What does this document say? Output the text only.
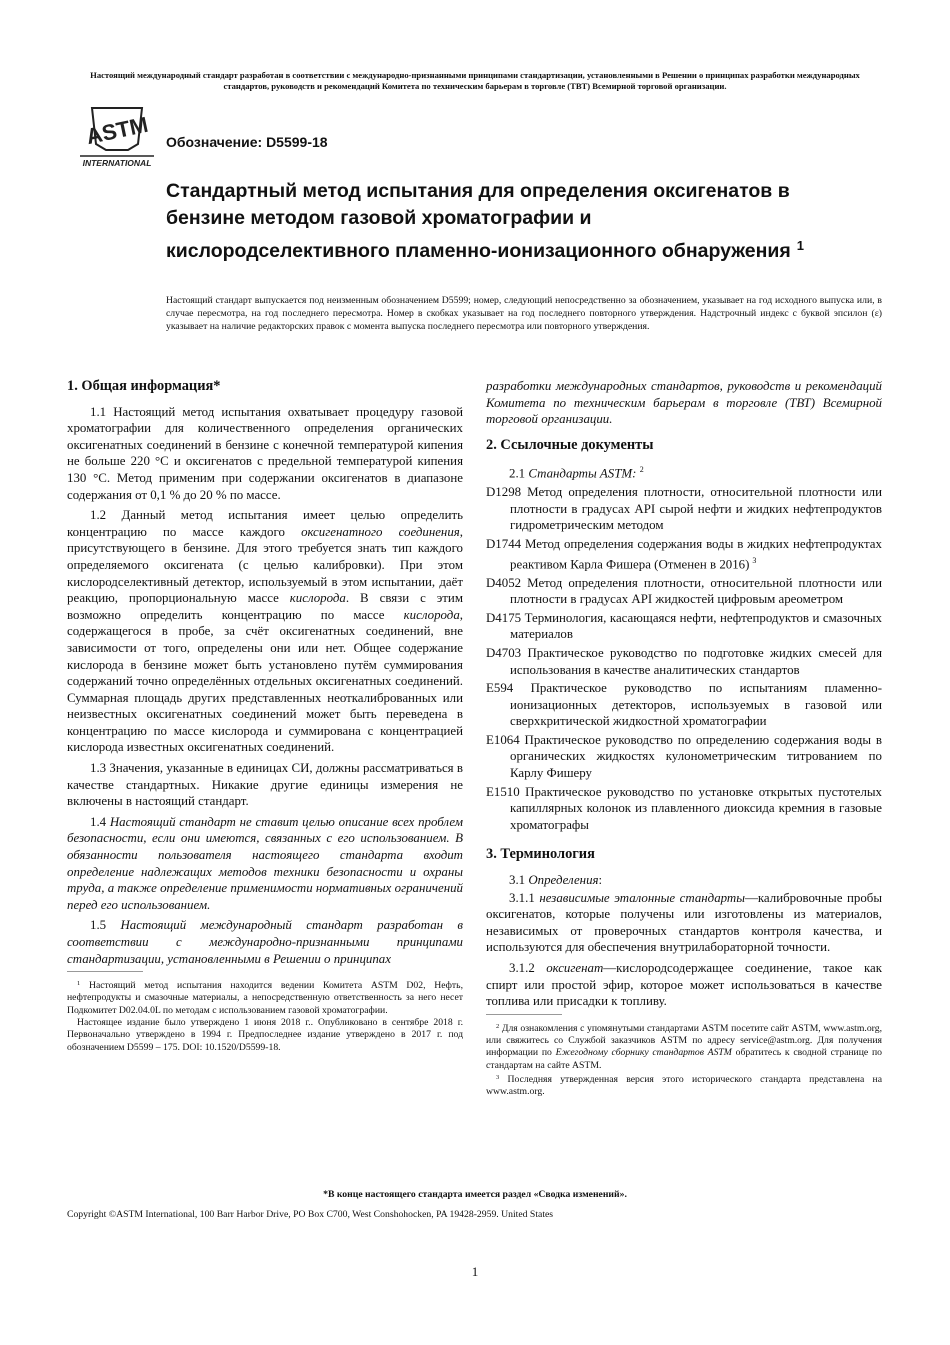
Настоящий международный стандарт разработан в соответствии с международно-признанными принципами стандартизации, установленными в Решении о принципах разработки международных стандартов, руководств и рекомендаций Комитета по техническим барьерам в торговле (ТВТ) Всемирной торговой организации.
ASTM
INTERNATIONAL
Обозначение: D5599-18
Стандартный метод испытания для определения оксигенатов в бензине методом газовой хроматографии и кислородселективного пламенно-ионизационного обнаружения $^1$
Настоящий стандарт выпускается под неизменным обозначением D5599; номер, следующий непосредственно за обозначением, указывает на год исходного выпуска или, в случае пересмотра, на год последнего пересмотра. Номер в скобках указывает на год последнего повторного утверждения. Надстрочный индекс с буквой эпсилон (ε) указывает на наличие редакторских правок с момента выпуска последнего пересмотра или повторного утверждения.
1. Общая информация*

1.1 Настоящий метод испытания охватывает процедуру газовой хроматографии для количественного определения органических оксигенатных соединений в бензине с конечной температурой кипения не больше 220 °С и оксигенатов с предельной температурой кипения 130 °С. Метод применим при содержании оксигенатов в диапазоне содержания от 0,1 % до 20 % по массе.

1.2 Данный метод испытания имеет целью определить концентрацию по массе каждого оксигенатного соединения, присутствующего в бензине. Для этого требуется знать тип каждого определяемого оксигената (с целью калибровки). При этом кислородселективный детектор, используемый в этом испытании, даёт реакцию, пропорциональную массе кислорода. В связи с этим возможно определить концентрацию по массе кислорода, содержащегося в пробе, за счёт оксигенатных соединений, вне зависимости от того, определены они или нет. Общее содержание кислорода в бензине может быть установлено путём суммирования содержаний точно определённых отдельных оксигенатных соединений. Суммарная площадь других представленных неоткалиброванных или неизвестных оксигенатных соединений может быть переведена в концентрацию по массе кислорода и суммирована с концентрацией кислорода известных оксигенатных соединений.

1.3 Значения, указанные в единицах СИ, должны рассматриваться в качестве стандартных. Никакие другие единицы измерения не включены в настоящий стандарт.

1.4 Настоящий стандарт не ставит целью описание всех проблем безопасности, если они имеются, связанных с его использованием. В обязанности пользователя настоящего стандарта входит определение надлежащих методов техники безопасности и охраны труда, а также определение применимости нормативных ограничений перед его использованием.

1.5 Настоящий международный стандарт разработан в соответствии с международно-признанными принципами стандартизации, установленными в Решении о принципах

$^1$ Настоящий метод испытания находится ведении Комитета ASTM D02, Нефть, нефтепродукты и смазочные материалы, а непосредственную ответственность за него несет Подкомитет D02.04.0L по методам с использованием газовой хроматографии.

Настоящее издание было утверждено 1 июня 2018 г.. Опубликовано в сентябре 2018 г. Первоначально утверждено в 1994 г. Предпоследнее издание утверждено в 2017 г. под обозначением D5599 – 175. DOI: 10.1520/D5599-18.

разработки международных стандартов, руководств и рекомендаций Комитета по техническим барьерам в торговле (ТВТ) Всемирной торговой организации.

2. Ссылочные документы

2.1 Стандарты ASTM: $^2$

D1298 Метод определения плотности, относительной плотности или плотности в градусах API сырой нефти и жидких нефтепродуктов гидрометрическим методом

D1744 Метод определения содержания воды в жидких нефтепродуктах реактивом Карла Фишера (Отменен в 2016) $^3$

D4052 Метод определения плотности, относительной плотности или плотности в градусах API жидкостей цифровым ареометром

D4175 Терминология, касающаяся нефти, нефтепродуктов и смазочных материалов

D4703 Практическое руководство по подготовке жидких смесей для использования в качестве аналитических стандартов

E594 Практическое руководство по испытаниям пламенно-ионизационных детекторов, используемых в газовой или сверхкритической жидкостной хроматографии

E1064 Практическое руководство по определению содержания воды в органических жидкостях кулонометрическим титрованием по Карлу Фишеру

E1510 Практическое руководство по установке открытых пустотелых капиллярных колонок из плавленного диоксида кремния в газовые хроматографы

3. Терминология

3.1 Определения:

3.1.1 независимые эталонные стандарты—калибровочные пробы оксигенатов, которые получены или изготовлены из материалов, независимых от проверочных стандартов контроля качества, и используются для обеспечения внутрилабораторной точности.

3.1.2 оксигенат—кислородсодержащее соединение, такое как спирт или простой эфир, которое может использоваться в качестве топлива или присадки к топливу.

$^2$ Для ознакомления с упомянутыми стандартами ASTM посетите сайт ASTM, www.astm.org, или свяжитесь со Службой заказчиков ASTM по адресу service@astm.org. Для получения информации по Ежегодному сборнику стандартов ASTM обратитесь к сводной странице по стандартам на сайте ASTM.

$^3$ Последняя утвержденная версия этого исторического стандарта представлена на www.astm.org.

*В конце настоящего стандарта имеется раздел «Сводка изменений».
Copyright ©ASTM International, 100 Barr Harbor Drive, PO Box C700, West Conshohocken, PA 19428-2959. United States
1
